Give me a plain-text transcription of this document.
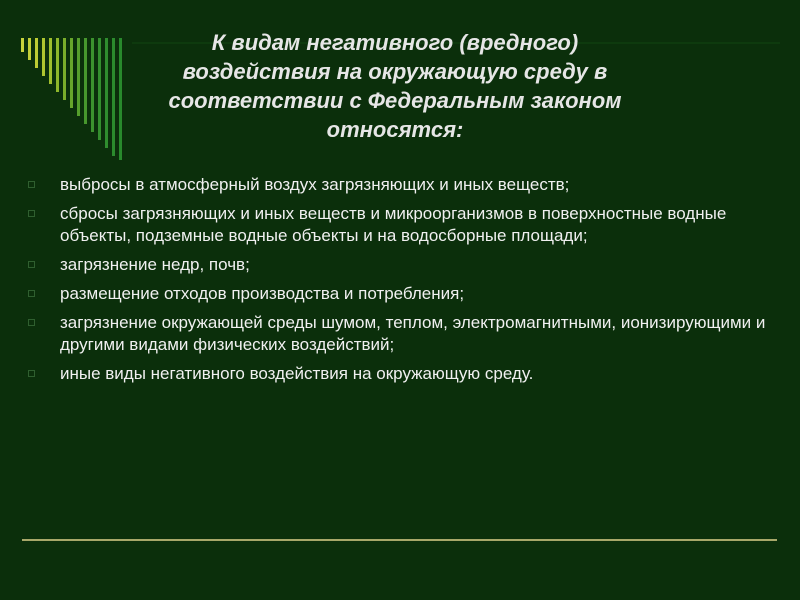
К видам негативного (вредного) воздействия на окружающую среду в соответствии с Федеральным законом относятся:
выбросы в атмосферный воздух загрязняющих и иных веществ;
сбросы загрязняющих и иных веществ и микроорганизмов в поверхностные водные объекты, подземные водные объекты и на водосборные площади;
загрязнение недр, почв;
размещение отходов производства и потребления;
загрязнение окружающей среды шумом, теплом, электромагнитными, ионизирующими и другими видами физических воздействий;
иные виды негативного воздействия на окружающую среду.
